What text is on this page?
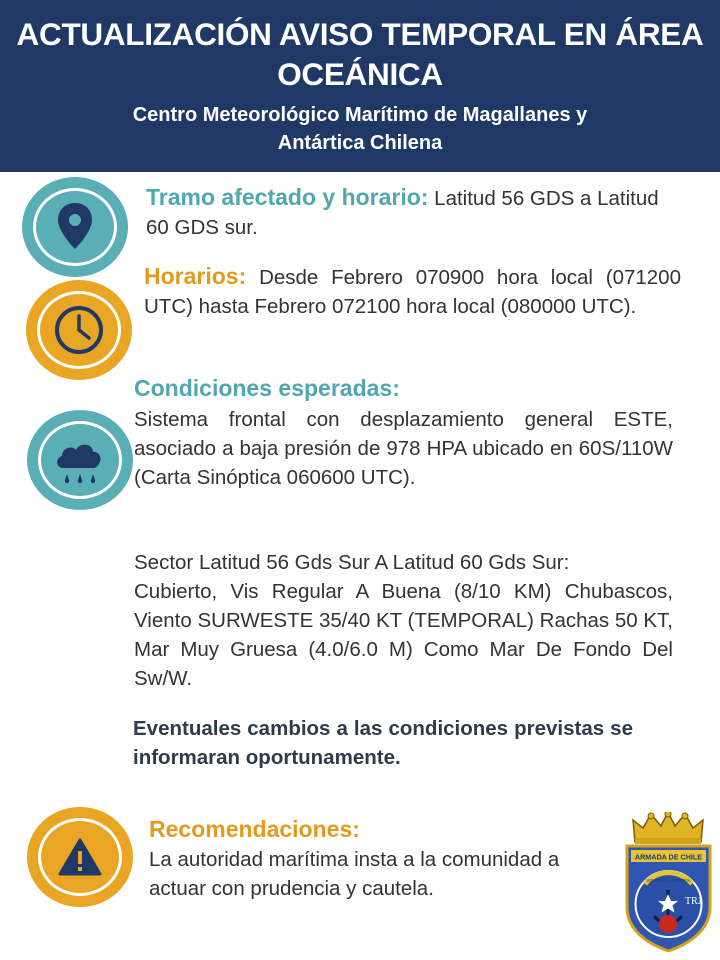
ACTUALIZACIÓN AVISO TEMPORAL EN ÁREA OCEÁNICA
Centro Meteorológico Marítimo de Magallanes y Antártica Chilena
Tramo afectado y horario: Latitud 56 GDS a Latitud 60 GDS sur.
Horarios: Desde Febrero 070900 hora local (071200 UTC) hasta Febrero 072100 hora local (080000 UTC).
Condiciones esperadas:
Sistema frontal con desplazamiento general ESTE, asociado a baja presión de 978 HPA ubicado en 60S/110W (Carta Sinóptica 060600 UTC).
Sector Latitud 56 Gds Sur A Latitud 60 Gds Sur:
Cubierto, Vis Regular A Buena (8/10 KM) Chubascos, Viento SURWESTE 35/40 KT (TEMPORAL) Rachas 50 KT, Mar Muy Gruesa (4.0/6.0 M) Como Mar De Fondo Del Sw/W.
Eventuales cambios a las condiciones previstas se informaran oportunamente.
Recomendaciones:
La autoridad marítima insta a la comunidad a actuar con prudencia y cautela.
ARMADA DE CHILE
VIDA POR LA PATRIA
TRJ
